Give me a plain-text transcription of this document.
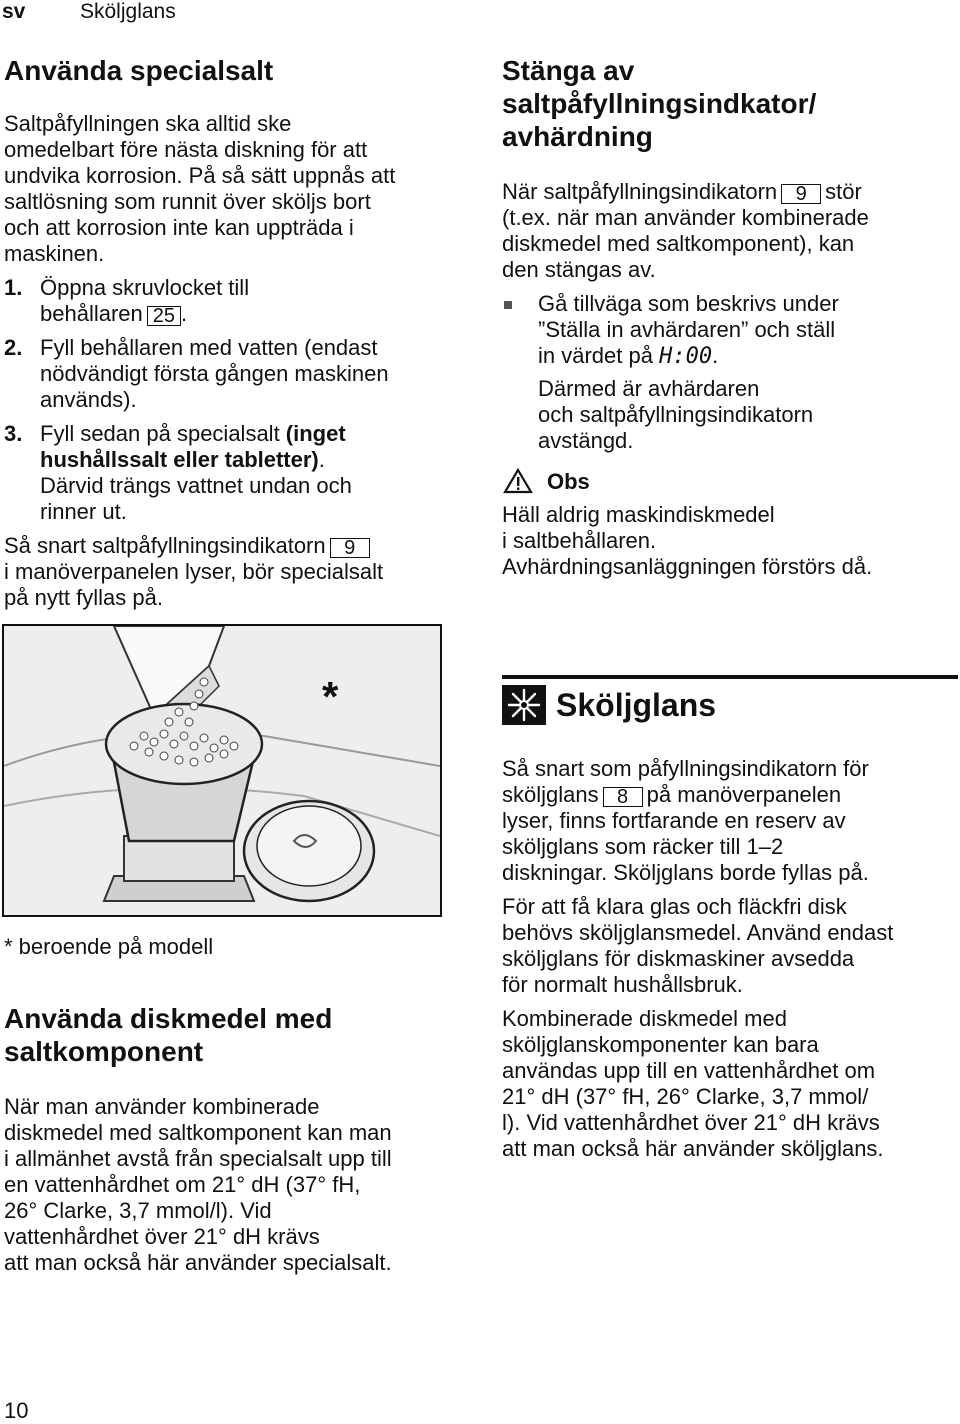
sv	Sköljglans
Använda specialsalt

Saltpåfyllningen ska alltid ske

omedelbart före nästa diskning för att

undvika korrosion. På så sätt uppnås att

saltlösning som runnit över sköljs bort

och att korrosion inte kan uppträda i

maskinen.

1. Öppna skruvlocket till

behållaren 25 .

2. Fyll behållaren med vatten (endast

nödvändigt första gången maskinen

används).

3. Fyll sedan på specialsalt (inget

hushållssalt eller tabletter).

Därvid trängs vattnet undan och

rinner ut.

Så snart saltpåfyllningsindikatorn 9

i manöverpanelen lyser, bör specialsalt

på nytt fyllas på.

*
* beroende på modell
Använda diskmedel med
saltkomponent

När man använder kombinerade

diskmedel med saltkomponent kan man

i allmänhet avstå från specialsalt upp till

en vattenhårdhet om 21° dH (37° fH,

26° Clarke, 3,7 mmol/l). Vid

vattenhårdhet över 21° dH krävs

att man också här använder specialsalt.

Stänga av
saltpåfyllningsindkator/
avhärdning

När saltpåfyllningsindikatorn 9 stör

(t.ex. när man använder kombinerade

diskmedel med saltkomponent), kan

den stängas av.

Gå tillväga som beskrivs under

”Ställa in avhärdaren” och ställ

in värdet på H:00.

Därmed är avhärdaren

och saltpåfyllningsindikatorn

avstängd.

Obs

Häll aldrig maskindiskmedel

i saltbehållaren.

Avhärdningsanläggningen förstörs då.

Sköljglans

Så snart som påfyllningsindikatorn för

sköljglans 8 på manöverpanelen

lyser, finns fortfarande en reserv av

sköljglans som räcker till 1–2

diskningar. Sköljglans borde fyllas på.

För att få klara glas och fläckfri disk

behövs sköljglansmedel. Använd endast

sköljglans för diskmaskiner avsedda

för normalt hushållsbruk.

Kombinerade diskmedel med

sköljglanskomponenter kan bara

användas upp till en vattenhårdhet om

21° dH (37° fH, 26° Clarke, 3,7 mmol/

l). Vid vattenhårdhet över 21° dH krävs

att man också här använder sköljglans.

10
